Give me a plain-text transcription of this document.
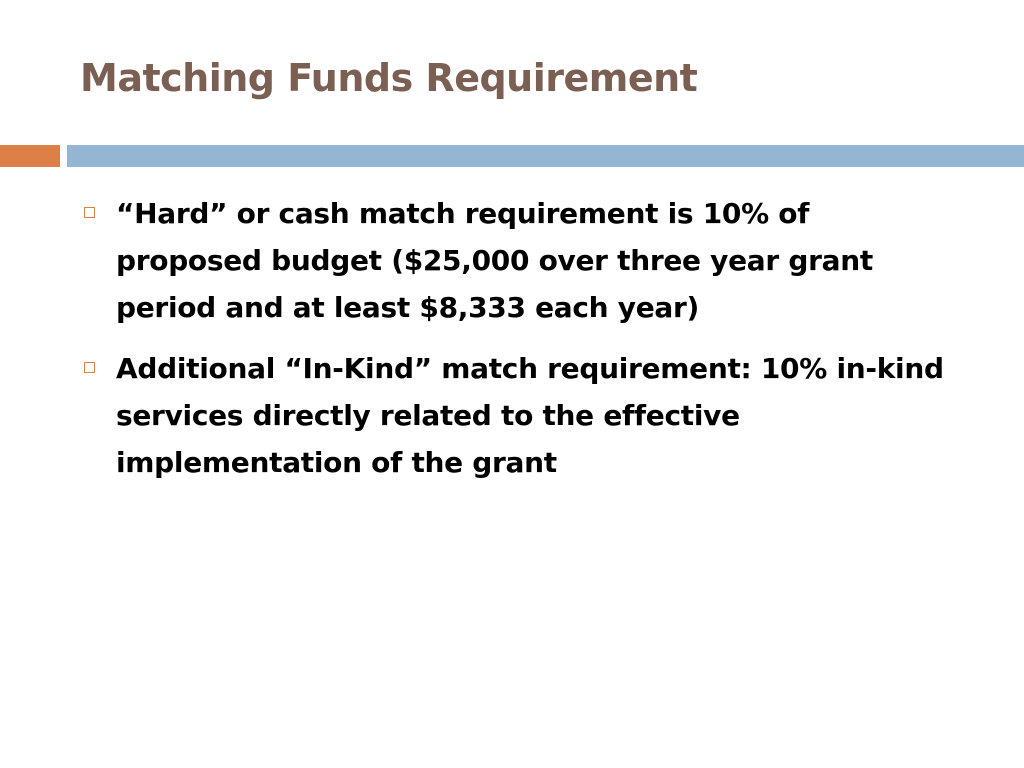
Matching Funds Requirement
“Hard” or cash match requirement is 10% of proposed budget ($25,000 over three year grant period and at least $8,333 each year)
Additional “In-Kind” match requirement: 10% in-kind services directly related to the effective implementation of the grant
